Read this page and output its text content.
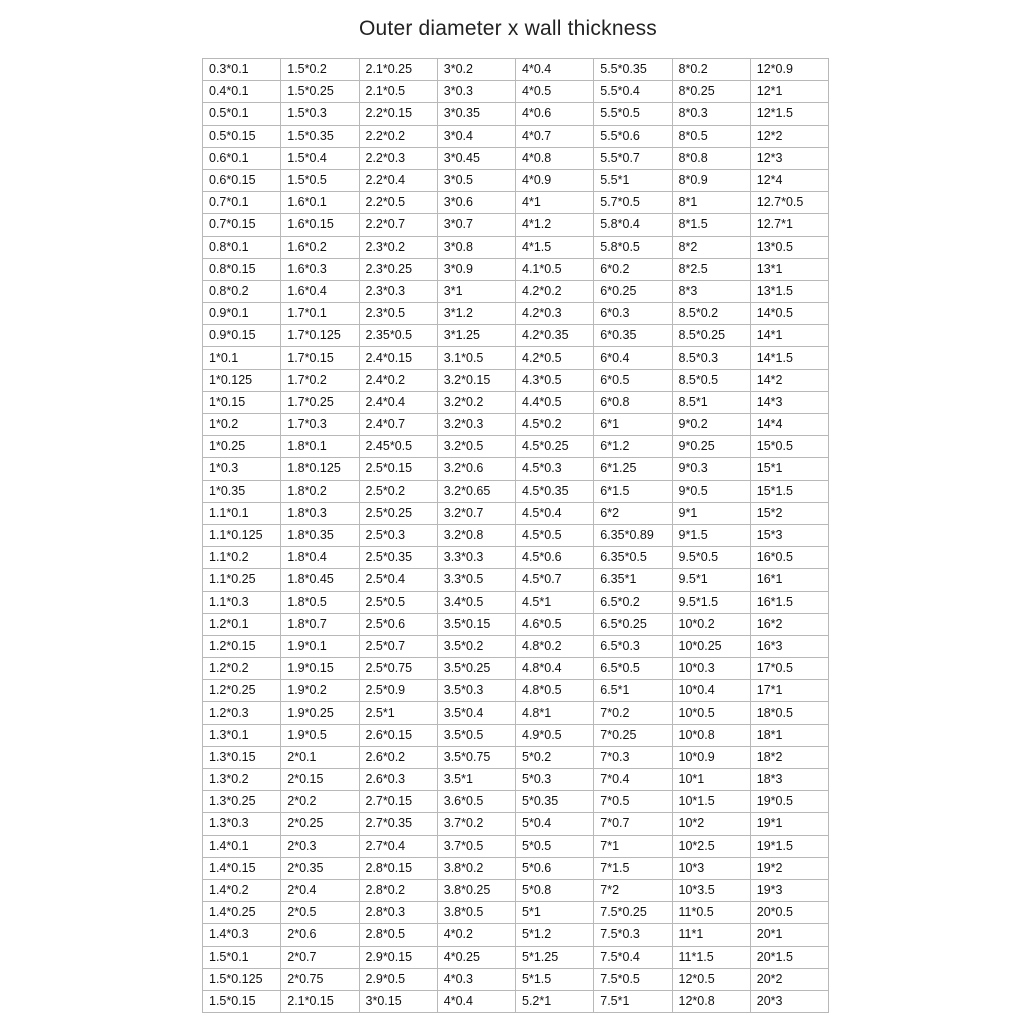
Outer diameter x wall thickness
0.3*0.1	1.5*0.2	2.1*0.25	3*0.2	4*0.4	5.5*0.35	8*0.2	12*0.9
0.4*0.1	1.5*0.25	2.1*0.5	3*0.3	4*0.5	5.5*0.4	8*0.25	12*1
0.5*0.1	1.5*0.3	2.2*0.15	3*0.35	4*0.6	5.5*0.5	8*0.3	12*1.5
0.5*0.15	1.5*0.35	2.2*0.2	3*0.4	4*0.7	5.5*0.6	8*0.5	12*2
0.6*0.1	1.5*0.4	2.2*0.3	3*0.45	4*0.8	5.5*0.7	8*0.8	12*3
0.6*0.15	1.5*0.5	2.2*0.4	3*0.5	4*0.9	5.5*1	8*0.9	12*4
0.7*0.1	1.6*0.1	2.2*0.5	3*0.6	4*1	5.7*0.5	8*1	12.7*0.5
0.7*0.15	1.6*0.15	2.2*0.7	3*0.7	4*1.2	5.8*0.4	8*1.5	12.7*1
0.8*0.1	1.6*0.2	2.3*0.2	3*0.8	4*1.5	5.8*0.5	8*2	13*0.5
0.8*0.15	1.6*0.3	2.3*0.25	3*0.9	4.1*0.5	6*0.2	8*2.5	13*1
0.8*0.2	1.6*0.4	2.3*0.3	3*1	4.2*0.2	6*0.25	8*3	13*1.5
0.9*0.1	1.7*0.1	2.3*0.5	3*1.2	4.2*0.3	6*0.3	8.5*0.2	14*0.5
0.9*0.15	1.7*0.125	2.35*0.5	3*1.25	4.2*0.35	6*0.35	8.5*0.25	14*1
1*0.1	1.7*0.15	2.4*0.15	3.1*0.5	4.2*0.5	6*0.4	8.5*0.3	14*1.5
1*0.125	1.7*0.2	2.4*0.2	3.2*0.15	4.3*0.5	6*0.5	8.5*0.5	14*2
1*0.15	1.7*0.25	2.4*0.4	3.2*0.2	4.4*0.5	6*0.8	8.5*1	14*3
1*0.2	1.7*0.3	2.4*0.7	3.2*0.3	4.5*0.2	6*1	9*0.2	14*4
1*0.25	1.8*0.1	2.45*0.5	3.2*0.5	4.5*0.25	6*1.2	9*0.25	15*0.5
1*0.3	1.8*0.125	2.5*0.15	3.2*0.6	4.5*0.3	6*1.25	9*0.3	15*1
1*0.35	1.8*0.2	2.5*0.2	3.2*0.65	4.5*0.35	6*1.5	9*0.5	15*1.5
1.1*0.1	1.8*0.3	2.5*0.25	3.2*0.7	4.5*0.4	6*2	9*1	15*2
1.1*0.125	1.8*0.35	2.5*0.3	3.2*0.8	4.5*0.5	6.35*0.89	9*1.5	15*3
1.1*0.2	1.8*0.4	2.5*0.35	3.3*0.3	4.5*0.6	6.35*0.5	9.5*0.5	16*0.5
1.1*0.25	1.8*0.45	2.5*0.4	3.3*0.5	4.5*0.7	6.35*1	9.5*1	16*1
1.1*0.3	1.8*0.5	2.5*0.5	3.4*0.5	4.5*1	6.5*0.2	9.5*1.5	16*1.5
1.2*0.1	1.8*0.7	2.5*0.6	3.5*0.15	4.6*0.5	6.5*0.25	10*0.2	16*2
1.2*0.15	1.9*0.1	2.5*0.7	3.5*0.2	4.8*0.2	6.5*0.3	10*0.25	16*3
1.2*0.2	1.9*0.15	2.5*0.75	3.5*0.25	4.8*0.4	6.5*0.5	10*0.3	17*0.5
1.2*0.25	1.9*0.2	2.5*0.9	3.5*0.3	4.8*0.5	6.5*1	10*0.4	17*1
1.2*0.3	1.9*0.25	2.5*1	3.5*0.4	4.8*1	7*0.2	10*0.5	18*0.5
1.3*0.1	1.9*0.5	2.6*0.15	3.5*0.5	4.9*0.5	7*0.25	10*0.8	18*1
1.3*0.15	2*0.1	2.6*0.2	3.5*0.75	5*0.2	7*0.3	10*0.9	18*2
1.3*0.2	2*0.15	2.6*0.3	3.5*1	5*0.3	7*0.4	10*1	18*3
1.3*0.25	2*0.2	2.7*0.15	3.6*0.5	5*0.35	7*0.5	10*1.5	19*0.5
1.3*0.3	2*0.25	2.7*0.35	3.7*0.2	5*0.4	7*0.7	10*2	19*1
1.4*0.1	2*0.3	2.7*0.4	3.7*0.5	5*0.5	7*1	10*2.5	19*1.5
1.4*0.15	2*0.35	2.8*0.15	3.8*0.2	5*0.6	7*1.5	10*3	19*2
1.4*0.2	2*0.4	2.8*0.2	3.8*0.25	5*0.8	7*2	10*3.5	19*3
1.4*0.25	2*0.5	2.8*0.3	3.8*0.5	5*1	7.5*0.25	11*0.5	20*0.5
1.4*0.3	2*0.6	2.8*0.5	4*0.2	5*1.2	7.5*0.3	11*1	20*1
1.5*0.1	2*0.7	2.9*0.15	4*0.25	5*1.25	7.5*0.4	11*1.5	20*1.5
1.5*0.125	2*0.75	2.9*0.5	4*0.3	5*1.5	7.5*0.5	12*0.5	20*2
1.5*0.15	2.1*0.15	3*0.15	4*0.4	5.2*1	7.5*1	12*0.8	20*3
